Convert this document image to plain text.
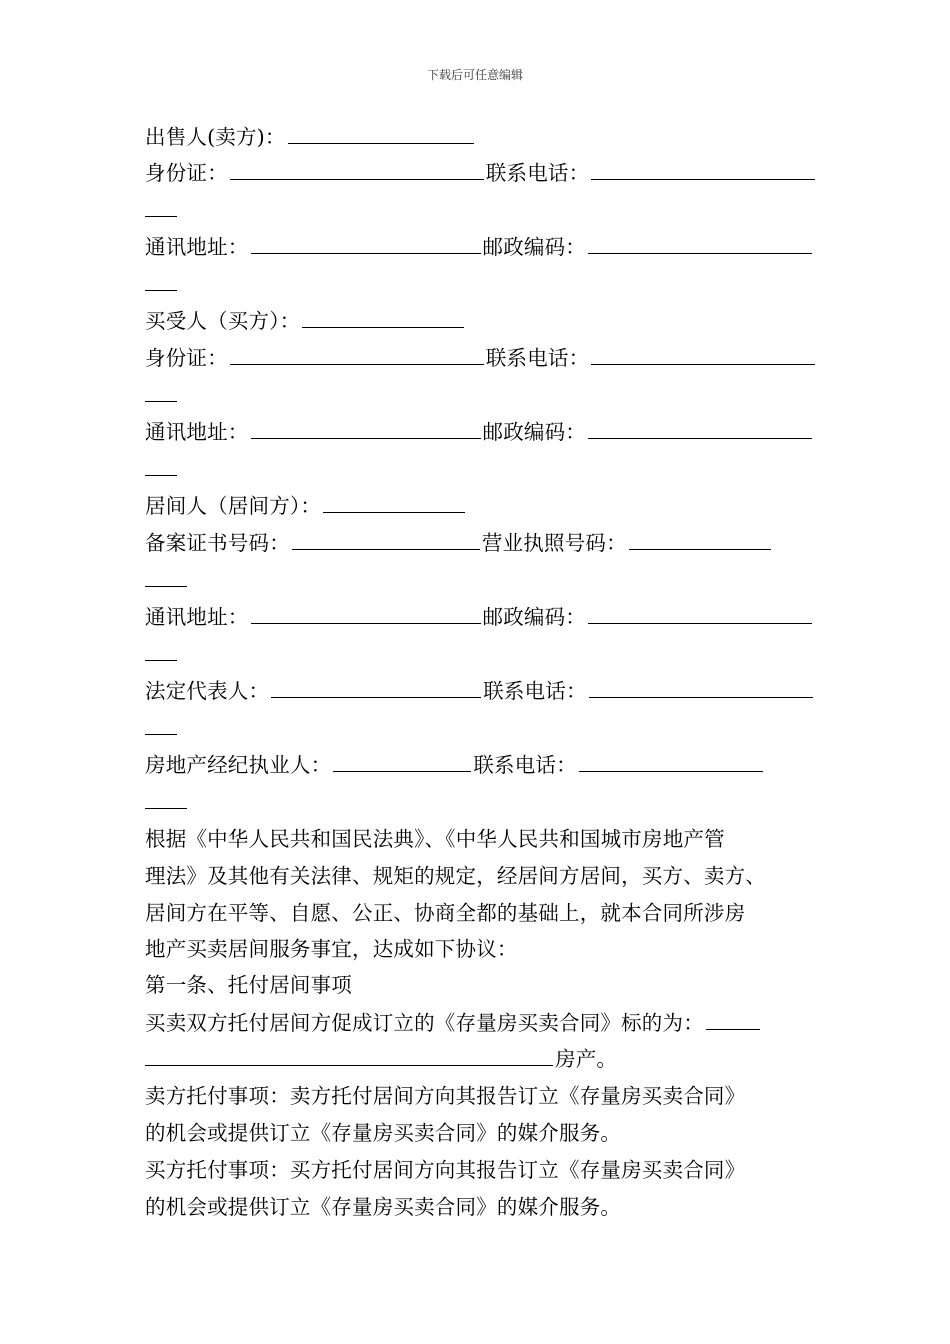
下载后可任意编辑
出售人(卖方)：
身份证：	联系电话：
通讯地址：	邮政编码：
买受人（买方）：
身份证：	联系电话：
通讯地址：	邮政编码：
居间人（居间方）：
备案证书号码：	营业执照号码：
通讯地址：	邮政编码：
法定代表人：	联系电话：
房地产经纪执业人：	联系电话：
根据《中华人民共和国民法典》、《中华人民共和国城市房地产管
理法》及其他有关法律、规矩的规定，经居间方居间，买方、卖方、
居间方在平等、自愿、公正、协商全都的基础上，就本合同所涉房
地产买卖居间服务事宜，达成如下协议：
第一条、托付居间事项
买卖双方托付居间方促成订立的《存量房买卖合同》标的为：
房产。
卖方托付事项：卖方托付居间方向其报告订立《存量房买卖合同》
的机会或提供订立《存量房买卖合同》的媒介服务。
买方托付事项：买方托付居间方向其报告订立《存量房买卖合同》
的机会或提供订立《存量房买卖合同》的媒介服务。
